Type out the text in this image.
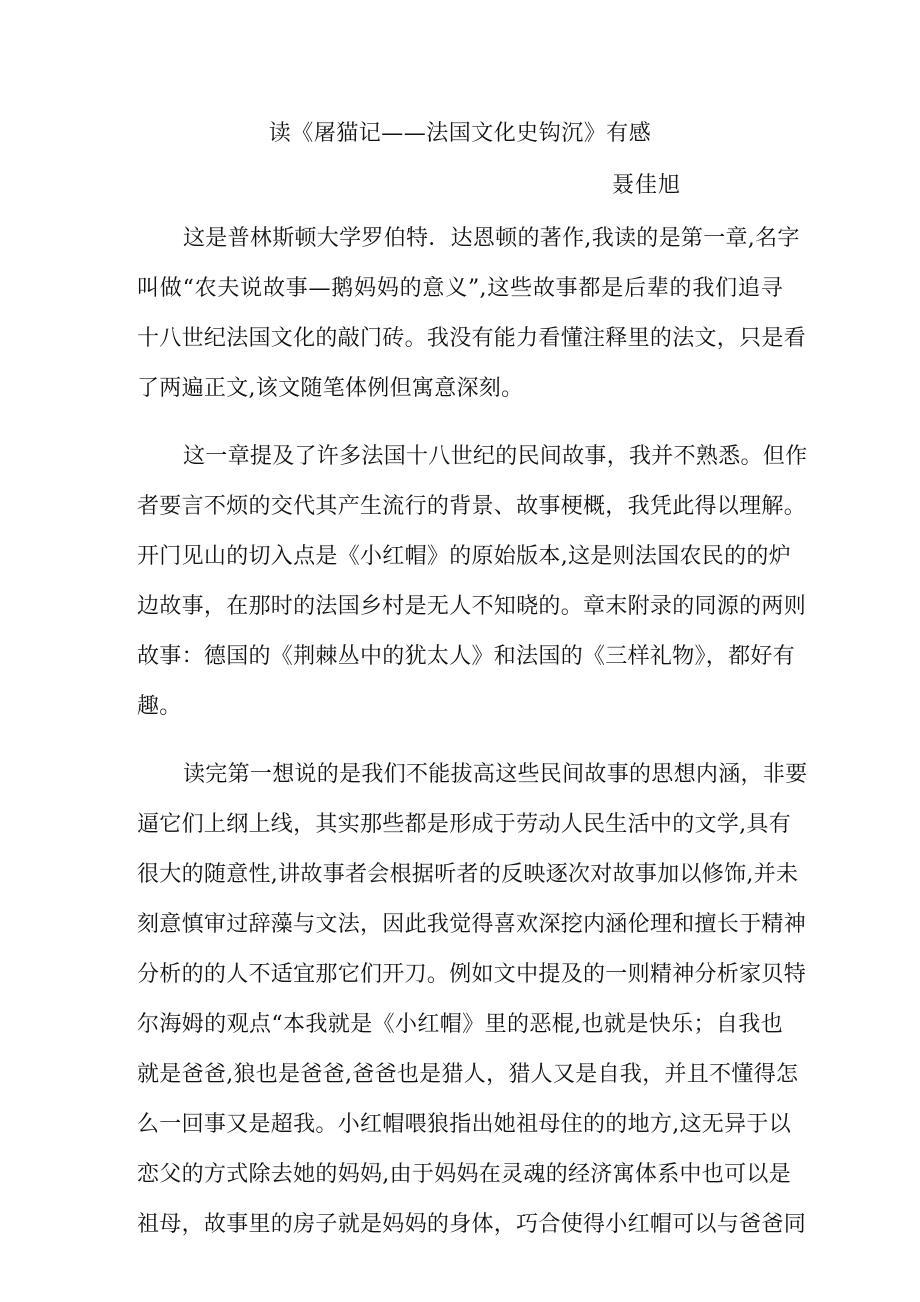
读《屠猫记——法国文化史钩沉》有感
聂佳旭
这是普林斯顿大学罗伯特．达恩顿的著作,我读的是第一章,名字
叫做“农夫说故事—鹅妈妈的意义”,这些故事都是后辈的我们追寻
十八世纪法国文化的敲门砖。我没有能力看懂注释里的法文，只是看
了两遍正文,该文随笔体例但寓意深刻。
这一章提及了许多法国十八世纪的民间故事，我并不熟悉。但作
者要言不烦的交代其产生流行的背景、故事梗概，我凭此得以理解。
开门见山的切入点是《小红帽》的原始版本,这是则法国农民的的炉
边故事，在那时的法国乡村是无人不知晓的。章末附录的同源的两则
故事：德国的《荆棘丛中的犹太人》和法国的《三样礼物》，都好有
趣。
读完第一想说的是我们不能拔高这些民间故事的思想内涵，非要
逼它们上纲上线，其实那些都是形成于劳动人民生活中的文学,具有
很大的随意性,讲故事者会根据听者的反映逐次对故事加以修饰,并未
刻意慎审过辞藻与文法，因此我觉得喜欢深挖内涵伦理和擅长于精神
分析的的人不适宜那它们开刀。例如文中提及的一则精神分析家贝特
尔海姆的观点“本我就是《小红帽》里的恶棍,也就是快乐；自我也
就是爸爸,狼也是爸爸,爸爸也是猎人，猎人又是自我，并且不懂得怎
么一回事又是超我。小红帽喂狼指出她祖母住的的地方,这无异于以
恋父的方式除去她的妈妈,由于妈妈在灵魂的经济寓体系中也可以是
祖母，故事里的房子就是妈妈的身体，巧合使得小红帽可以与爸爸同
